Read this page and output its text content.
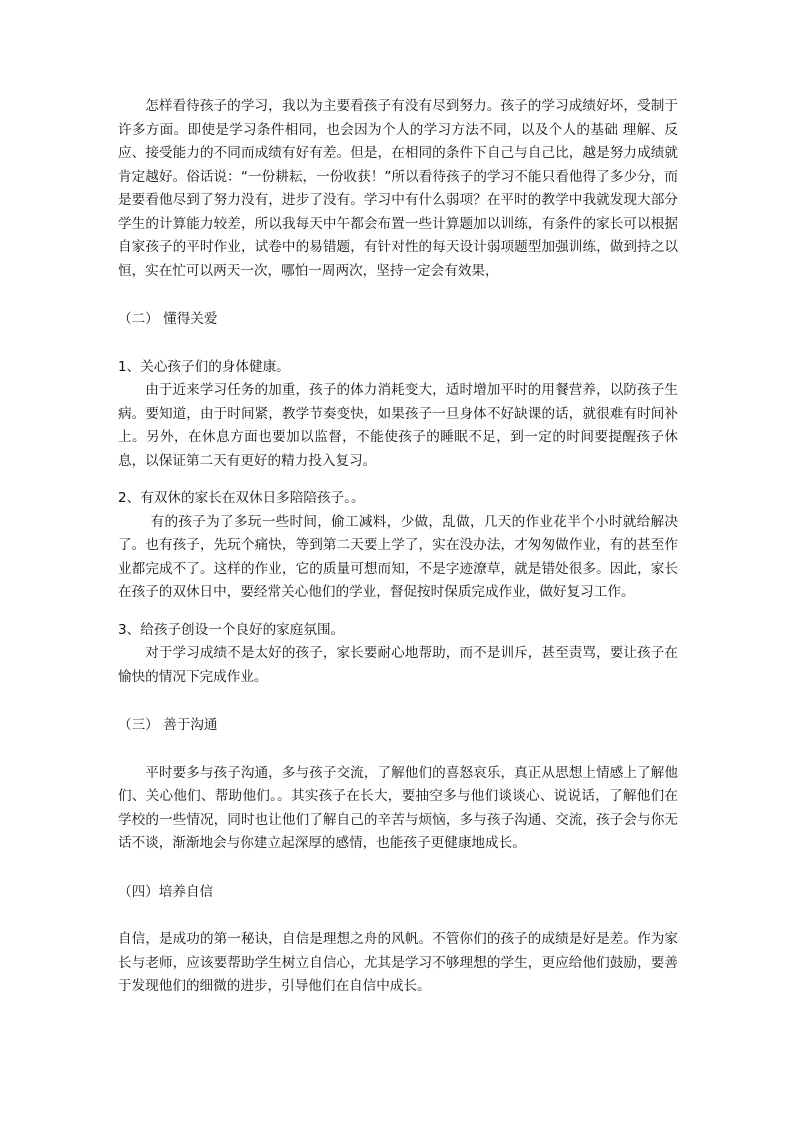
怎样看待孩子的学习，我以为主要看孩子有没有尽到努力。孩子的学习成绩好坏，受制于许多方面。即使是学习条件相同，也会因为个人的学习方法不同，以及个人的基础 理解、反应、接受能力的不同而成绩有好有差。但是，在相同的条件下自己与自己比，越是努力成绩就肯定越好。俗话说：“一份耕耘，一份收获！”所以看待孩子的学习不能只看他得了多少分，而是要看他尽到了努力没有，进步了没有。学习中有什么弱项？在平时的教学中我就发现大部分学生的计算能力较差，所以我每天中午都会布置一些计算题加以训练，有条件的家长可以根据自家孩子的平时作业，试卷中的易错题，有针对性的每天设计弱项题型加强训练，做到持之以恒，实在忙可以两天一次，哪怕一周两次，坚持一定会有效果，

（二） 懂得关爱

1、关心孩子们的身体健康。

由于近来学习任务的加重，孩子的体力消耗变大，适时增加平时的用餐营养，以防孩子生病。要知道，由于时间紧，教学节奏变快，如果孩子一旦身体不好缺课的话，就很难有时间补上。另外，在休息方面也要加以监督，不能使孩子的睡眠不足，到一定的时间要提醒孩子休息，以保证第二天有更好的精力投入复习。

2、有双休的家长在双休日多陪陪孩子。。

有的孩子为了多玩一些时间，偷工减料，少做，乱做，几天的作业花半个小时就给解决了。也有孩子，先玩个痛快，等到第二天要上学了，实在没办法，才匆匆做作业，有的甚至作业都完成不了。这样的作业，它的质量可想而知，不是字迹潦草，就是错处很多。因此，家长在孩子的双休日中，要经常关心他们的学业，督促按时保质完成作业，做好复习工作。

3、给孩子创设一个良好的家庭氛围。

对于学习成绩不是太好的孩子，家长要耐心地帮助，而不是训斥，甚至责骂，要让孩子在愉快的情况下完成作业。

（三） 善于沟通

平时要多与孩子沟通，多与孩子交流，了解他们的喜怒哀乐，真正从思想上情感上了解他们、关心他们、帮助他们。。其实孩子在长大，要抽空多与他们谈谈心、说说话，了解他们在学校的一些情况，同时也让他们了解自己的辛苦与烦恼，多与孩子沟通、交流，孩子会与你无话不谈，渐渐地会与你建立起深厚的感情，也能孩子更健康地成长。

（四）培养自信

自信，是成功的第一秘诀，自信是理想之舟的风帆。不管你们的孩子的成绩是好是差。作为家长与老师，应该要帮助学生树立自信心，尤其是学习不够理想的学生，更应给他们鼓励，要善于发现他们的细微的进步，引导他们在自信中成长。
